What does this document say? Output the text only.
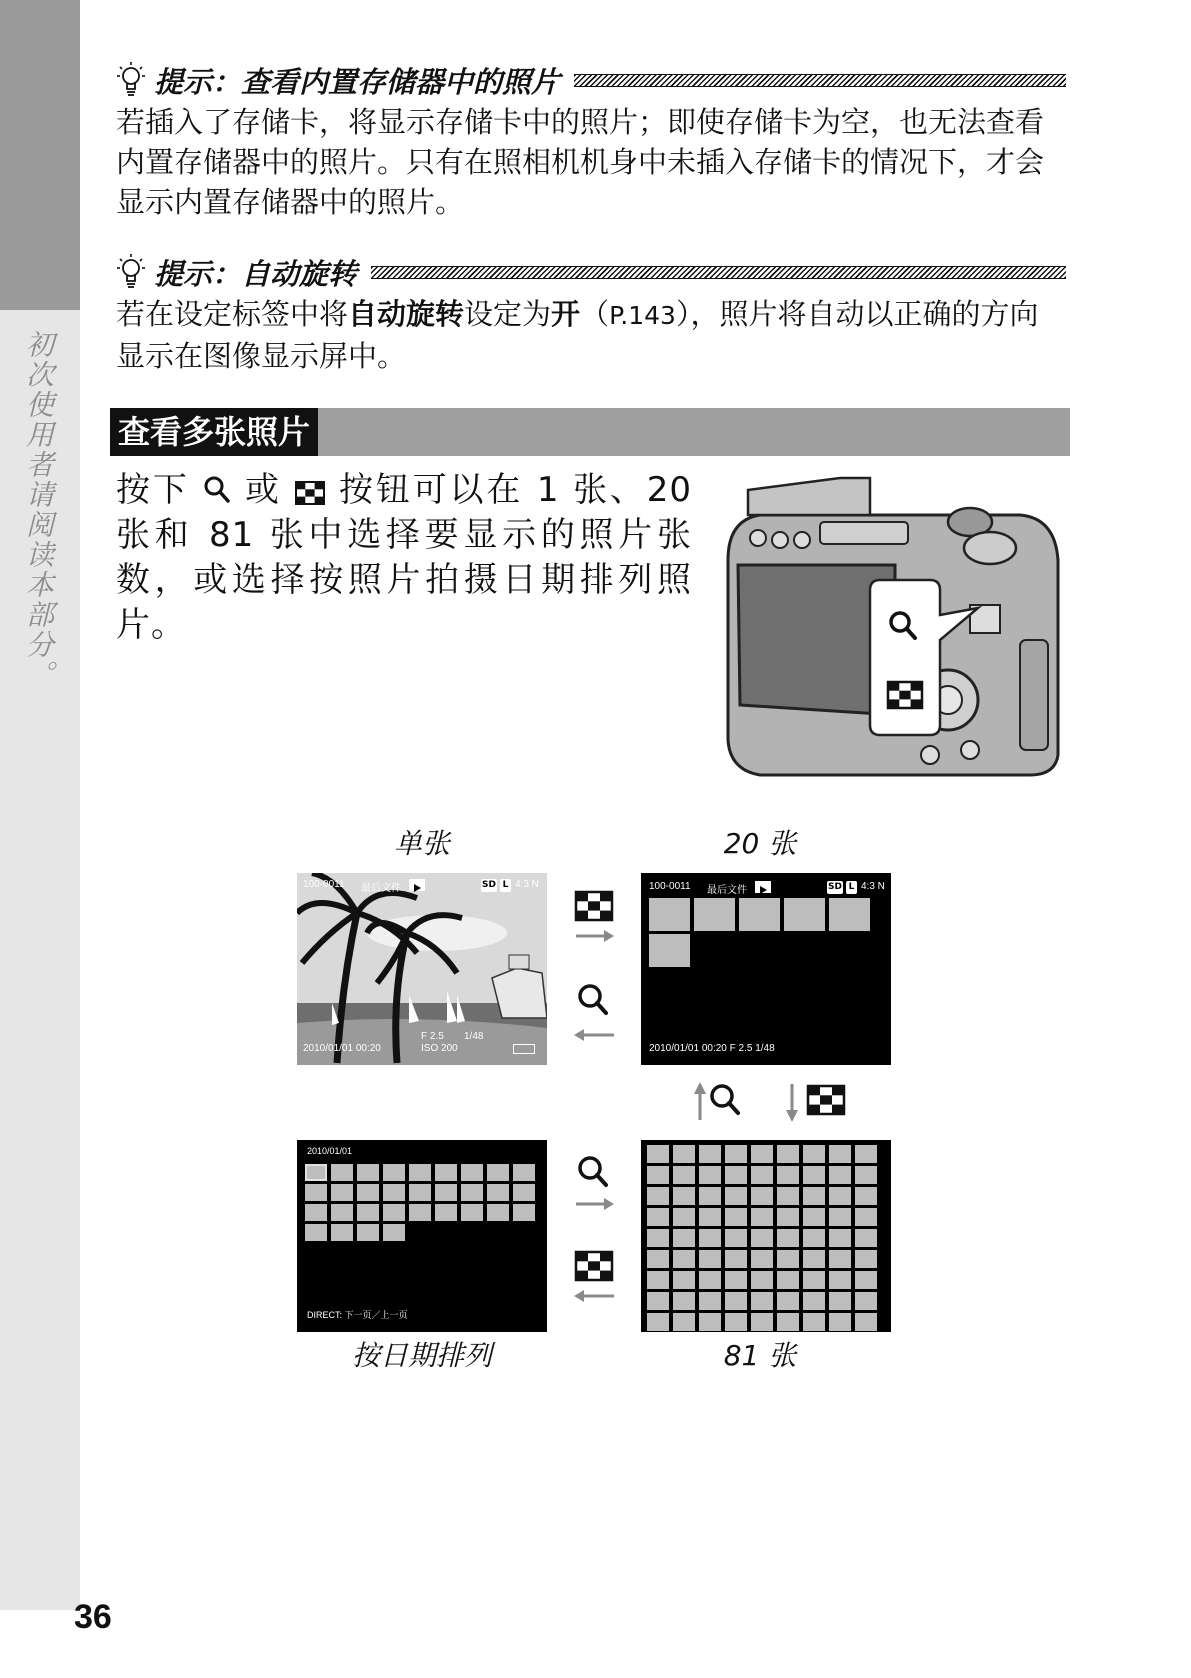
初次使用者请阅读本部分。
提示：查看内置存储器中的照片
若插入了存储卡，将显示存储卡中的照片；即使存储卡为空，也无法查看内置存储器中的照片。只有在照相机机身中未插入存储卡的情况下，才会显示内置存储器中的照片。
提示：自动旋转
若在设定标签中将自动旋转设定为开（P.143），照片将自动以正确的方向显示在图像显示屏中。
查看多张照片
按下 或 按钮可以在 1 张、20 张和 81 张中选择要显示的照片张数，或选择按照片拍摄日期排列照片。
单张	20 张
按日期排列	81 张
100-0011 最后文件	SD L 4:3 N
F 2.5 1/48
2010/01/01 00:20	ISO 200
100-0011 最后文件	SD L 4:3 N
2010/01/01 00:20 F 2.5 1/48
2010/01/01
DIRECT: 下一页／上一页
36
